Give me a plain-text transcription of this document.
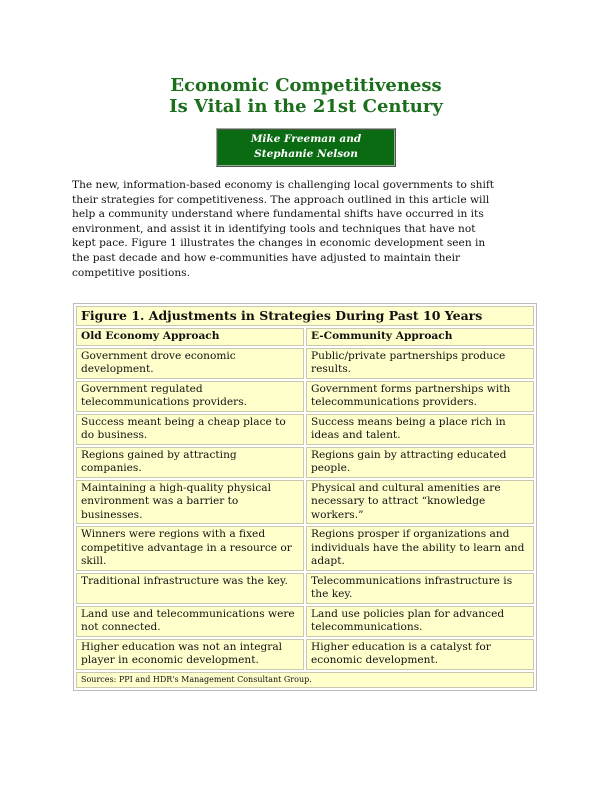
Economic Competitiveness
Is Vital in the 21st Century
Mike Freeman and
Stephanie Nelson
The new, information-based economy is challenging local governments to shift
their strategies for competitiveness. The approach outlined in this article will
help a community understand where fundamental shifts have occurred in its
environment, and assist it in identifying tools and techniques that have not
kept pace. Figure 1 illustrates the changes in economic development seen in
the past decade and how e-communities have adjusted to maintain their
competitive positions.
Figure 1. Adjustments in Strategies During Past 10 Years	
Old Economy Approach	E-Community Approach
Government drove economic development.	Public/private partnerships produce results.
Government regulated telecommunications providers.	Government forms partnerships with telecommunications providers.
Success meant being a cheap place to do business.	Success means being a place rich in ideas and talent.
Regions gained by attracting companies.	Regions gain by attracting educated people.
Maintaining a high-quality physical environment was a barrier to businesses.	Physical and cultural amenities are necessary to attract “knowledge workers.”
Winners were regions with a fixed competitive advantage in a resource or skill.	Regions prosper if organizations and individuals have the ability to learn and adapt.
Traditional infrastructure was the key.	Telecommunications infrastructure is the key.
Land use and telecommunications were not connected.	Land use policies plan for advanced telecommunications.
Higher education was not an integral player in economic development.	Higher education is a catalyst for economic development.
Sources: PPI and HDR's Management Consultant Group.	
